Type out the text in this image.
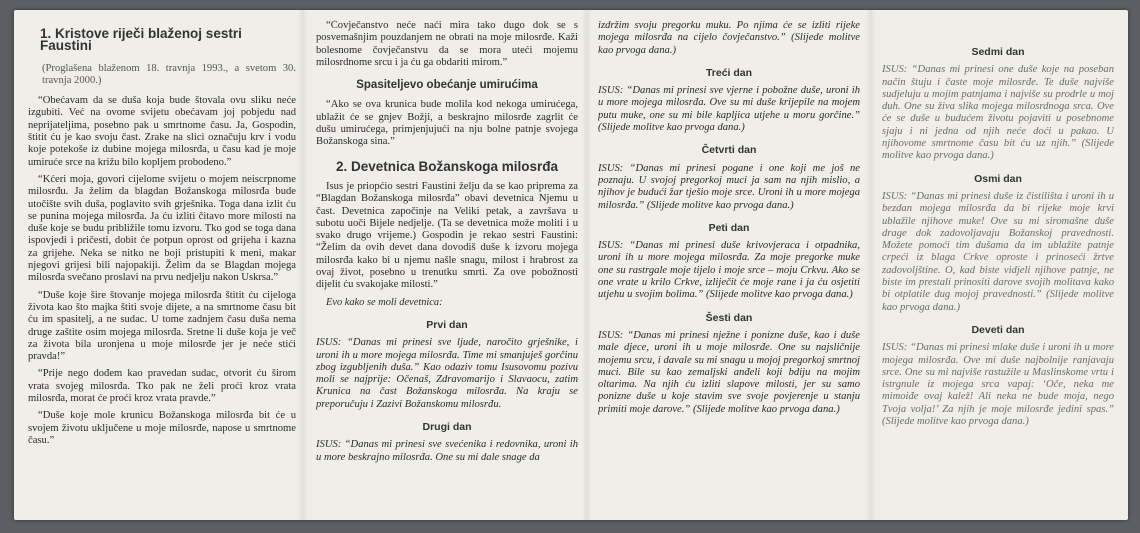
1. Kristove riječi blaženoj sestri Faustini

(Proglašena blaženom 18. travnja 1993., a svetom 30. travnja 2000.)

“Obećavam da se duša koja bude štovala ovu sliku neće izgubiti. Već na ovome svijetu obećavam joj pobjedu nad neprijateljima, posebno pak u smrtnome času. Ja, Gospodin, štitit ću je kao svoju čast. Zrake na slici označuju krv i vodu koje potekoše iz dubine mojega milosrđa, u času kad je moje umiruće srce na križu bilo kopljem probodeno.”

“Kćeri moja, govori cijelome svijetu o mojem neiscrpnome milosrđu. Ja želim da blagdan Božanskoga milosrđa bude utočište svih duša, poglavito svih grješnika. Toga dana izlit ću se punina mojega milosrđa. Ja ću izliti čitavo more milosti na duše koje se budu približile tomu izvoru. Tko god se toga dana ispovjedi i pričesti, dobit će potpun oprost od grijeha i kazna za grijehe. Neka se nitko ne boji pristupiti k meni, makar njegovi grijesi bili najopakiji. Želim da se Blagdan mojega milosrđa svečano proslavi na prvu nedjelju nakon Uskrsa.”

“Duše koje šire štovanje mojega milosrđa štitit ću cijeloga života kao što majka štiti svoje dijete, a na smrtnome času bit ću im spasitelj, a ne sudac. U tome zadnjem času duša nema druge zaštite osim mojega milosrđa. Sretne li duše koja je več za života bila uronjena u moje milosrđe jer je neće stići pravda!”

“Prije nego dođem kao pravedan sudac, otvorit ću širom vrata svojeg milosrđa. Tko pak ne želi proći kroz vrata milosrđa, morat će proći kroz vrata pravde.”

“Duše koje mole krunicu Božanskoga milosrđa bit će u svojem životu uključene u moje milosrđe, napose u smrtnome času.”

“Čovječanstvo neće naći mira tako dugo dok se s posvemašnjim pouzdanjem ne obrati na moje milosrđe. Kaži bolesnome čovječanstvu da se mora uteći mojemu milosrdnome srcu i ja ću ga obdariti mirom.”

Spasiteljevo obećanje umirućima

“Ako se ova krunica bude molila kod nekoga umirućega, ublažit će se gnjev Božji, a beskrajno milosrđe zagrlit će dušu umirućega, primjenjujući na nju bolne patnje svojega Božanskoga sina.”

2. Devetnica Božanskoga milosrđa

Isus je priopćio sestri Faustini želju da se kao priprema za “Blagdan Božanskoga milosrđa” obavi devetnica Njemu u čast. Devetnica započinje na Veliki petak, a završava u subotu uoči Bijele nedjelje. (Ta se devetnica može moliti i u svako drugo vrijeme.) Gospodin je rekao sestri Faustini: “Želim da ovih devet dana dovodiš duše k izvoru mojega milosrđa kako bi u njemu našle snagu, milost i hrabrost za ovaj život, posebno u trenutku smrti. Za ove pobožnosti dijelit ću svakojake milosti.”

Evo kako se moli devetnica:
Prvi dan

ISUS: “Danas mi prinesi sve ljude, naročito grješnike, i uroni ih u more mojega milosrđa. Time mi smanjuješ gorčinu zbog izgubljenih duša.” Kao odaziv tomu Isusovomu pozivu moli se najprije: Očenaš, Zdravomarijo i Slavaocu, zatim Krunica na čast Božanskoga milosrđa. Na kraju se preporučuju i Zazivi Božanskomu milosrđu.

Drugi dan

ISUS: “Danas mi prinesi sve svećenika i redovnika, uroni ih u more beskrajno milosrđa. One su mi dale snage da

izdržim svoju pregorku muku. Po njima će se izliti rijeke mojega milosrđa na cijelo čovječanstvo.” (Slijede molitve kao prvoga dana.)

Treći dan

ISUS: “Danas mi prinesi sve vjerne i pobožne duše, uroni ih u more mojega milosrđa. Ove su mi duše krijepile na mojem putu muke, one su mi bile kapljica utjehe u moru gorčine.” (Slijede molitve kao prvoga dana.)

Četvrti dan

ISUS: “Danas mi prinesi pogane i one koji me još ne poznaju. U svojoj pregorkoj muci ja sam na njih mislio, a njihov je budući žar tješio moje srce. Uroni ih u more mojega milosrđa.” (Slijede molitve kao prvoga dana.)

Peti dan

ISUS: “Danas mi prinesi duše krivovjeraca i otpadnika, uroni ih u more mojega milosrđa. Za moje pregorke muke one su rastrgale moje tijelo i moje srce – moju Crkvu. Ako se one vrate u krilo Crkve, izliječit će moje rane i ja ću osjetiti utjehu u svojim bolima.” (Slijede molitve kao prvoga dana.)

Šesti dan

ISUS: “Danas mi prinesi nježne i ponizne duše, kao i duše male djece, uroni ih u moje milosrđe. One su najsličnije mojemu srcu, i davale su mi snagu u mojoj pregorkoj smrtnoj muci. Bile su kao zemaljski anđeli koji bdiju na mojim oltarima. Na njih ću izliti slapove milosti, jer su samo ponizne duše u koje stavim sve svoje povjerenje u stanju primiti moje darove.” (Slijede molitve kao prvoga dana.)

Sedmi dan

ISUS: “Danas mi prinesi one duše koje na poseban način štuju i časte moje milosrđe. Te duše najviše sudjeluju u mojim patnjama i najviše su prodrle u moj duh. One su živa slika mojega milosrdnoga srca. Ove će se duše u budućem životu pojaviti u posebnome sjaju i ni jedna od njih neće doći u pakao. U njihovome smrtnome času bit ću uz njih.” (Slijede molitve kao prvoga dana.)

Osmi dan

ISUS: “Danas mi prinesi duše iz čistilišta i uroni ih u bezdan mojega milosrđa da bi rijeke moje krvi ublažile njihove muke! Ove su mi siromašne duše drage dok zadovoljavaju Božanskoj pravednosti. Možete pomoći tim dušama da im ublažite patnje crpeći iz blaga Crkve oproste i prinoseći žrtve zadovoljštine. O, kad biste vidjeli njihove patnje, ne biste im prestali prinositi darove svojih molitava kako bi otplatile dug mojoj pravednosti.” (Slijede molitve kao prvoga dana.)

Deveti dan

ISUS: “Danas mi prinesi mlake duše i uroni ih u more mojega milosrđa. Ove mi duše najbolnije ranjavaju srce. One su mi najviše rastužile u Maslinskome vrtu i istrgnule iz mojega srca vapaj: ‘Oče, neka me mimoiđe ovaj kalež! Ali neka ne bude moja, nego Tvoja volja!’ Za njih je moje milosrđe jedini spas.” (Slijede molitve kao prvoga dana.)
